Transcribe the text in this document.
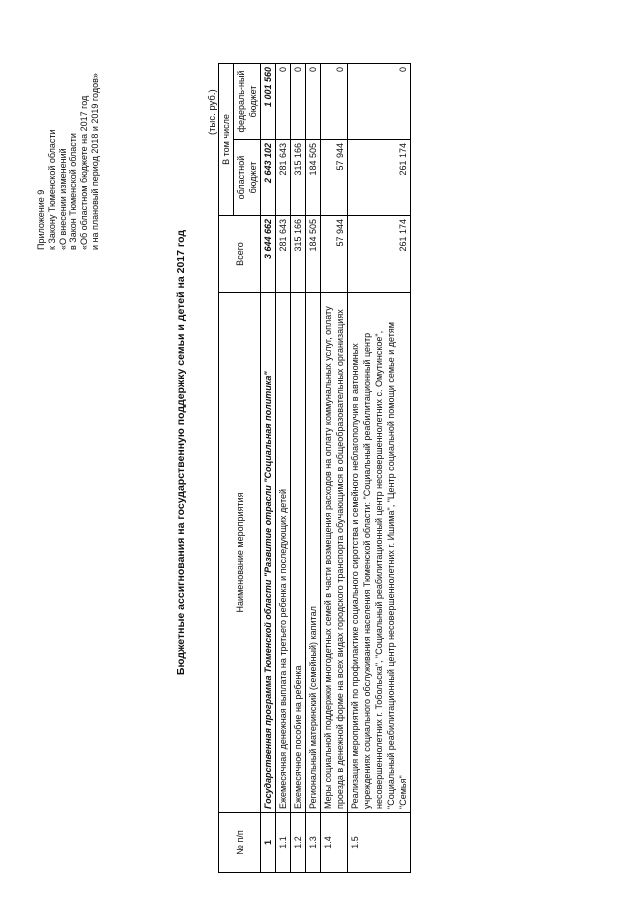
Приложение 9 к Закону Тюменской области «О внесении изменений в Закон Тюменской области «Об областном бюджете на 2017 год и на плановый период 2018 и 2019 годов»
Бюджетные ассигнования на государственную поддержку семьи и детей на 2017 год
(тыс. руб.)
№ п/п	Наименование мероприятия	Всего	В том числе	
			областной бюджет	федераль-ный бюджет
1	Государственная программа Тюменской области "Развитие отрасли "Социальная политика"	3 644 662	2 643 102	1 001 560
1.1	Ежемесячная денежная выплата на третьего ребенка и последующих детей	281 643	281 643	0
1.2	Ежемесячное пособие на ребенка	315 166	315 166	0
1.3	Региональный материнский (семейный) капитал	184 505	184 505	0
1.4	Меры социальной поддержки многодетных семей в части возмещения расходов на оплату коммунальных услуг, оплату проезда в денежной форме на всех видах городского транспорта обучающимся в общеобразовательных организациях	57 944	57 944	0
1.5	Реализация мероприятий по профилактике социального сиротства и семейного неблагополучия в автономных учреждениях социального обслуживания населения Тюменской области: "Социальный реабилитационный центр несовершеннолетних г. Тобольска", "Социальный реабилитационный центр несовершеннолетних с. Омутинское", "Социальный реабилитационный центр несовершеннолетних г. Ишима", "Центр социальной помощи семье и детям "Семья"	261 174	261 174	0
